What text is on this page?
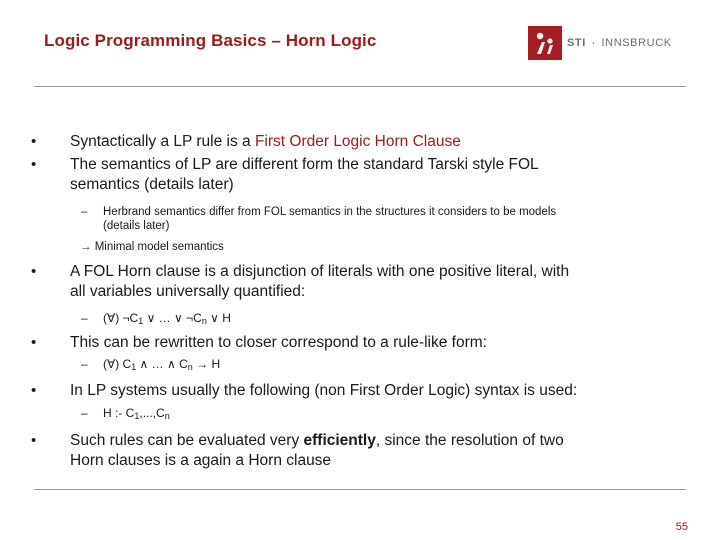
Logic Programming Basics – Horn Logic	STI · INNSBRUCK
• Syntactically a LP rule is a First Order Logic Horn Clause
• The semantics of LP are different form the standard Tarski style FOL
semantics (details later)
– Herbrand semantics differ from FOL semantics in the structures it considers to be models
(details later)
→ Minimal model semantics
• A FOL Horn clause is a disjunction of literals with one positive literal, with
all variables universally quantified:
– (∀) $\neg C_1$ ∨ … ∨ $\neg C_n$ ∨ H
• This can be rewritten to closer correspond to a rule-like form:
– (∀) $C_1$ ∧ … ∧ $C_n \to H$
• In LP systems usually the following (non First Order Logic) syntax is used:
– H :- $C_1,...,C_n$
• Such rules can be evaluated very efficiently, since the resolution of two
Horn clauses is a again a Horn clause
55
